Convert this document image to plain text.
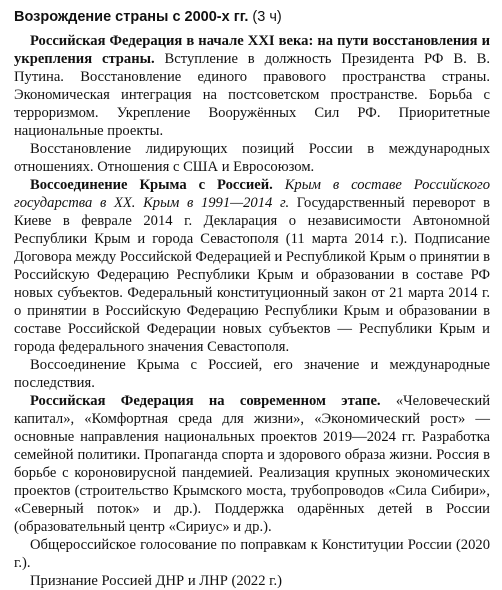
Возрождение страны с 2000-х гг. (3 ч)

Российская Федерация в начале XXI века: на пути восстановления и укрепления страны. Вступление в должность Президента РФ В. В. Путина. Восстановление единого правового пространства страны. Экономическая интеграция на постсоветском пространстве. Борьба с терроризмом. Укрепление Вооружённых Сил РФ. Приоритетные национальные проекты.

Восстановление лидирующих позиций России в международных отношениях. Отношения с США и Евросоюзом.

Воссоединение Крыма с Россией. Крым в составе Российского государства в XX. Крым в 1991—2014 г. Государственный переворот в Киеве в феврале 2014 г. Декларация о независимости Автономной Республики Крым и города Севастополя (11 марта 2014 г.). Подписание Договора между Российской Федерацией и Республикой Крым о принятии в Российскую Федерацию Республики Крым и образовании в составе РФ новых субъектов. Федеральный конституционный закон от 21 марта 2014 г. о принятии в Российскую Федерацию Республики Крым и образовании в составе Российской Федерации новых субъектов — Республики Крым и города федерального значения Севастополя.

Воссоединение Крыма с Россией, его значение и международные последствия.

Российская Федерация на современном этапе. «Человеческий капитал», «Комфортная среда для жизни», «Экономический рост» — основные направления национальных проектов 2019—2024 гг. Разработка семейной политики. Пропаганда спорта и здорового образа жизни. Россия в борьбе с короновирусной пандемией. Реализация крупных экономических проектов (строительство Крымского моста, трубопроводов «Сила Сибири», «Северный поток» и др.). Поддержка одарённых детей в России (образовательный центр «Сириус» и др.).

Общероссийское голосование по поправкам к Конституции России (2020 г.).

Признание Россией ДНР и ЛНР (2022 г.)
